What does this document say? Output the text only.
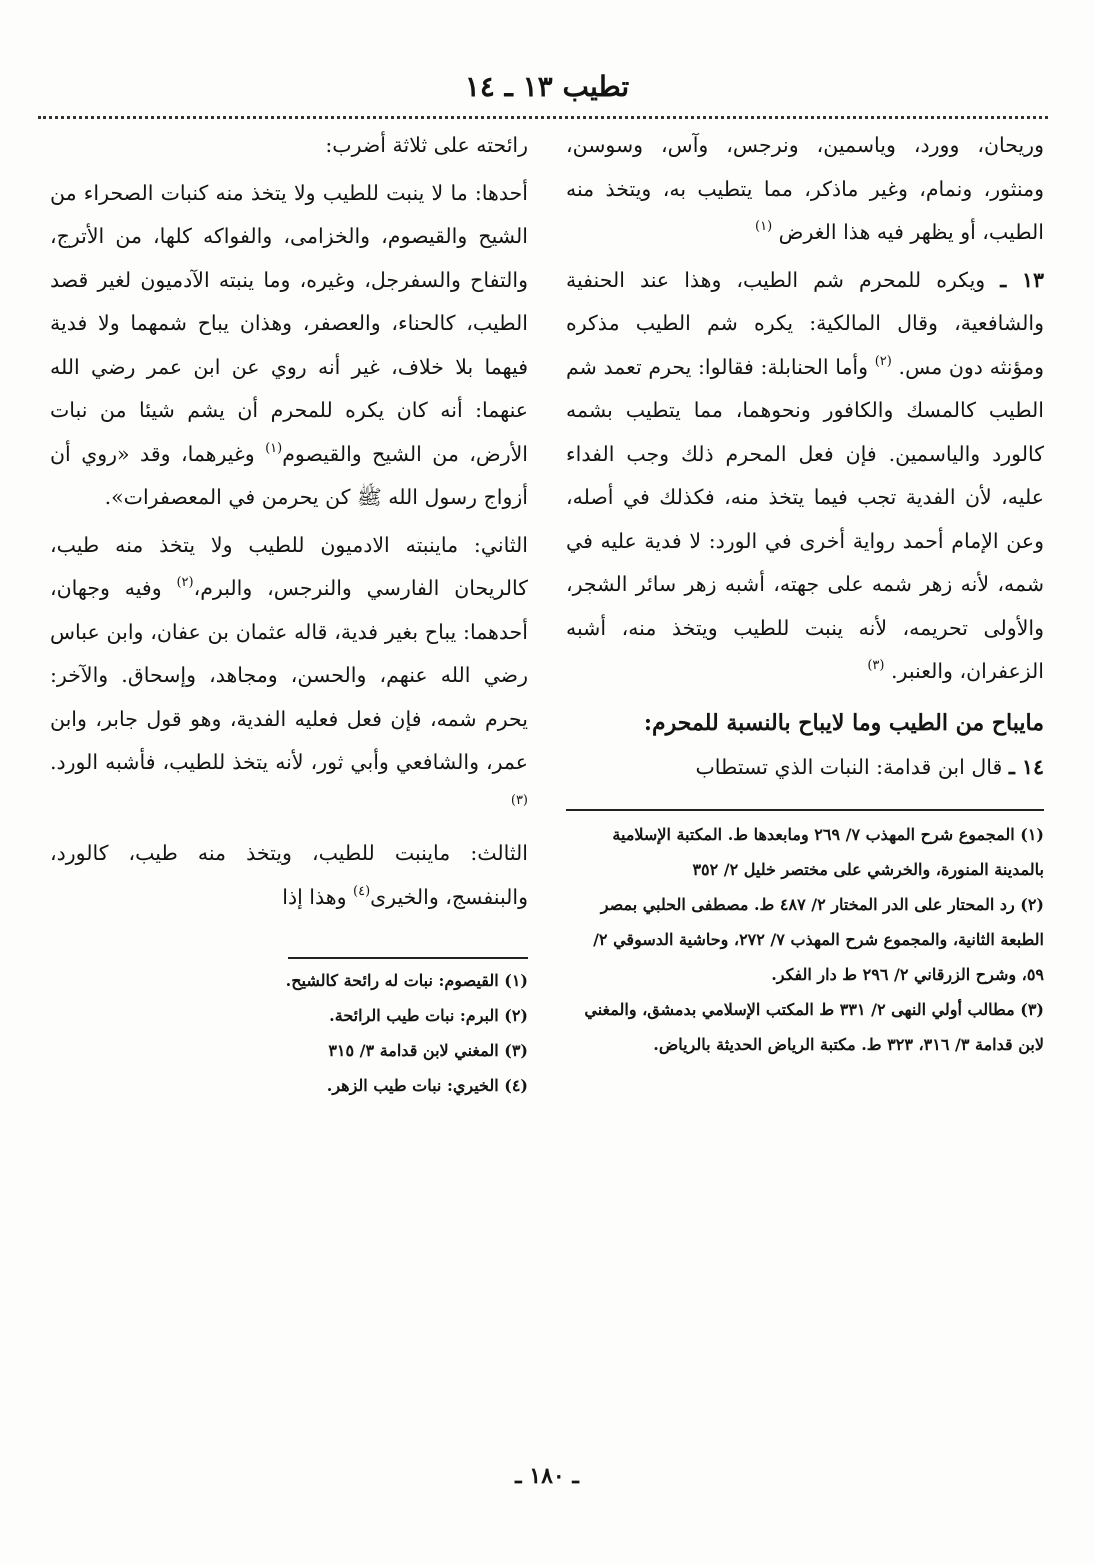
تطيب ١٣ ـ ١٤

وريحان، وورد، وياسمين، ونرجس، وآس، وسوسن، ومنثور، ونمام، وغير ماذكر، مما يتطيب به، ويتخذ منه الطيب، أو يظهر فيه هذا الغرض $^{(١)}$

١٣ ـ ويكره للمحرم شم الطيب، وهذا عند الحنفية والشافعية، وقال المالكية: يكره شم الطيب مذكره ومؤنثه دون مس. $^{(٢)}$ وأما الحنابلة: فقالوا: يحرم تعمد شم الطيب كالمسك والكافور ونحوهما، مما يتطيب بشمه كالورد والياسمين. فإن فعل المحرم ذلك وجب الفداء عليه، لأن الفدية تجب فيما يتخذ منه، فكذلك في أصله، وعن الإمام أحمد رواية أخرى في الورد: لا فدية عليه في شمه، لأنه زهر شمه على جهته، أشبه زهر سائر الشجر، والأولى تحريمه، لأنه ينبت للطيب ويتخذ منه، أشبه الزعفران، والعنبر. $^{(٣)}$

مايباح من الطيب وما لايباح بالنسبة للمحرم:

١٤ ـ قال ابن قدامة: النبات الذي تستطاب

(١) المجموع شرح المهذب ٧/ ٢٦٩ ومابعدها ط. المكتبة الإسلامية بالمدينة المنورة، والخرشي على مختصر خليل ٢/ ٣٥٢
(٢) رد المحتار على الدر المختار ٢/ ٤٨٧ ط. مصطفى الحلبي بمصر الطبعة الثانية، والمجموع شرح المهذب ٧/ ٢٧٢، وحاشية الدسوقي ٢/ ٥٩، وشرح الزرقاني ٢/ ٢٩٦ ط دار الفكر.
(٣) مطالب أولي النهى ٢/ ٣٣١ ط المكتب الإسلامي بدمشق، والمغني لابن قدامة ٣/ ٣١٦، ٣٢٣ ط. مكتبة الرياض الحديثة بالرياض.

رائحته على ثلاثة أضرب:

أحدها: ما لا ينبت للطيب ولا يتخذ منه كنبات الصحراء من الشيح والقيصوم، والخزامى، والفواكه كلها، من الأترج، والتفاح والسفرجل، وغيره، وما ينبته الآدميون لغير قصد الطيب، كالحناء، والعصفر، وهذان يباح شمهما ولا فدية فيهما بلا خلاف، غير أنه روي عن ابن عمر رضي الله عنهما: أنه كان يكره للمحرم أن يشم شيئا من نبات الأرض، من الشيح والقيصوم$^{(١)}$ وغيرهما، وقد «روي أن أزواج رسول الله ﷺ كن يحرمن في المعصفرات».

الثاني: ماينبته الادميون للطيب ولا يتخذ منه طيب، كالريحان الفارسي والنرجس، والبرم،$^{(٢)}$ وفيه وجهان، أحدهما: يباح بغير فدية، قاله عثمان بن عفان، وابن عباس رضي الله عنهم، والحسن، ومجاهد، وإسحاق. والآخر: يحرم شمه، فإن فعل فعليه الفدية، وهو قول جابر، وابن عمر، والشافعي وأبي ثور، لأنه يتخذ للطيب، فأشبه الورد. $^{(٣)}$

الثالث: ماينبت للطيب، ويتخذ منه طيب، كالورد، والبنفسج، والخيرى$^{(٤)}$ وهذا إذا

(١) القيصوم: نبات له رائحة كالشيح.
(٢) البرم: نبات طيب الرائحة.
(٣) المغني لابن قدامة ٣/ ٣١٥
(٤) الخيري: نبات طيب الزهر.
ـ ١٨٠ ـ
